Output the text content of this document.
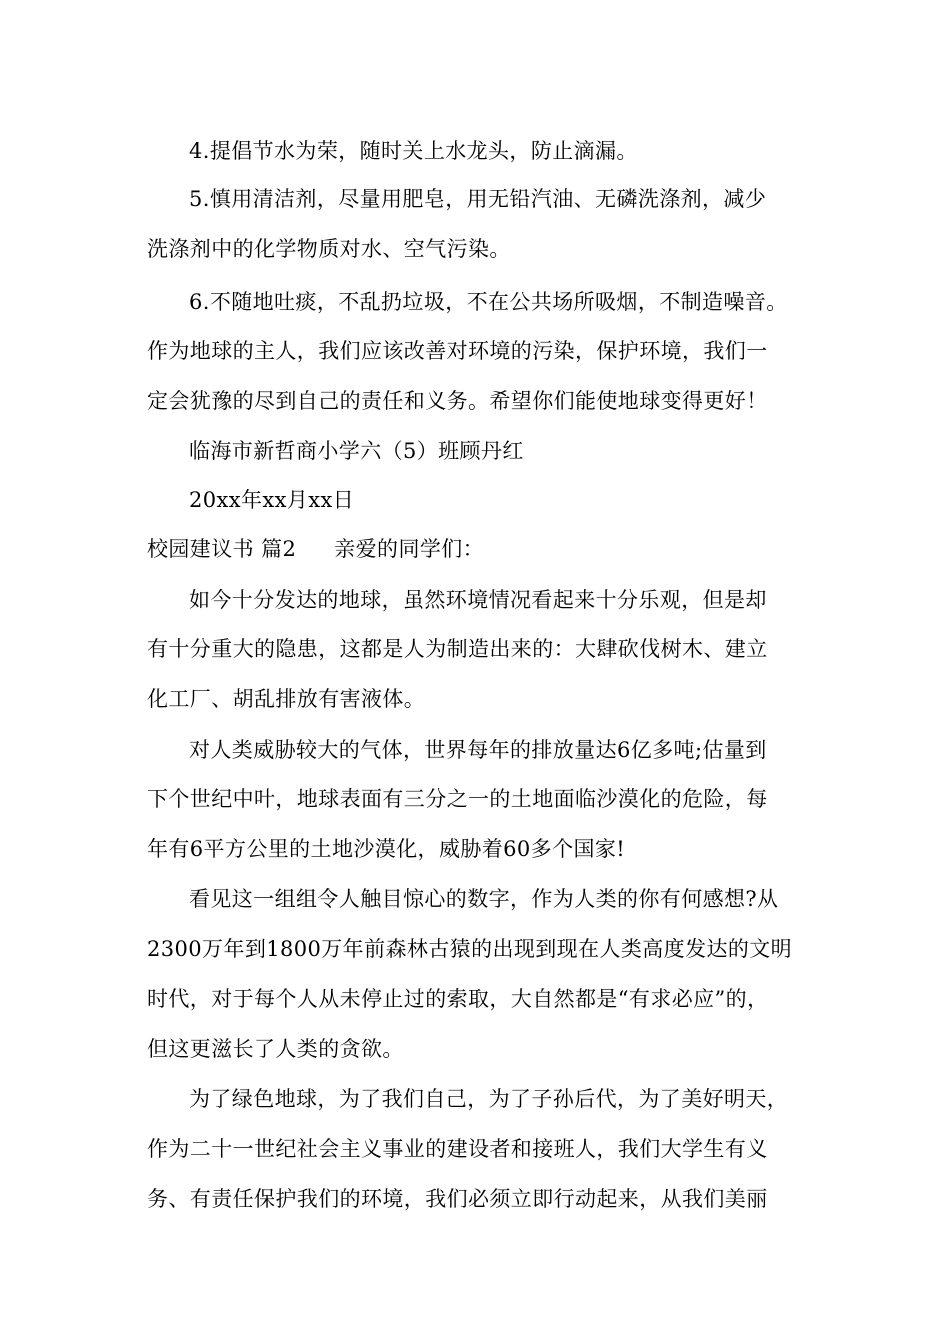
4.提倡节水为荣，随时关上水龙头，防止滴漏。
5.慎用清洁剂，尽量用肥皂，用无铅汽油、无磷洗涤剂，减少
洗涤剂中的化学物质对水、空气污染。
6.不随地吐痰，不乱扔垃圾，不在公共场所吸烟，不制造噪音。
作为地球的主人，我们应该改善对环境的污染，保护环境，我们一
定会犹豫的尽到自己的责任和义务。希望你们能使地球变得更好！
临海市新哲商小学六（5）班顾丹红
20xx年xx月xx日
校园建议书 篇2 亲爱的同学们：
如今十分发达的地球，虽然环境情况看起来十分乐观，但是却
有十分重大的隐患，这都是人为制造出来的：大肆砍伐树木、建立
化工厂、胡乱排放有害液体。
对人类威胁较大的气体，世界每年的排放量达6亿多吨;估量到
下个世纪中叶，地球表面有三分之一的土地面临沙漠化的危险，每
年有6平方公里的土地沙漠化，威胁着60多个国家!
看见这一组组令人触目惊心的数字，作为人类的你有何感想?从
2300万年到1800万年前森林古猿的出现到现在人类高度发达的文明
时代，对于每个人从未停止过的索取，大自然都是“有求必应”的，
但这更滋长了人类的贪欲。
为了绿色地球，为了我们自己，为了子孙后代，为了美好明天，
作为二十一世纪社会主义事业的建设者和接班人，我们大学生有义
务、有责任保护我们的环境，我们必须立即行动起来，从我们美丽
